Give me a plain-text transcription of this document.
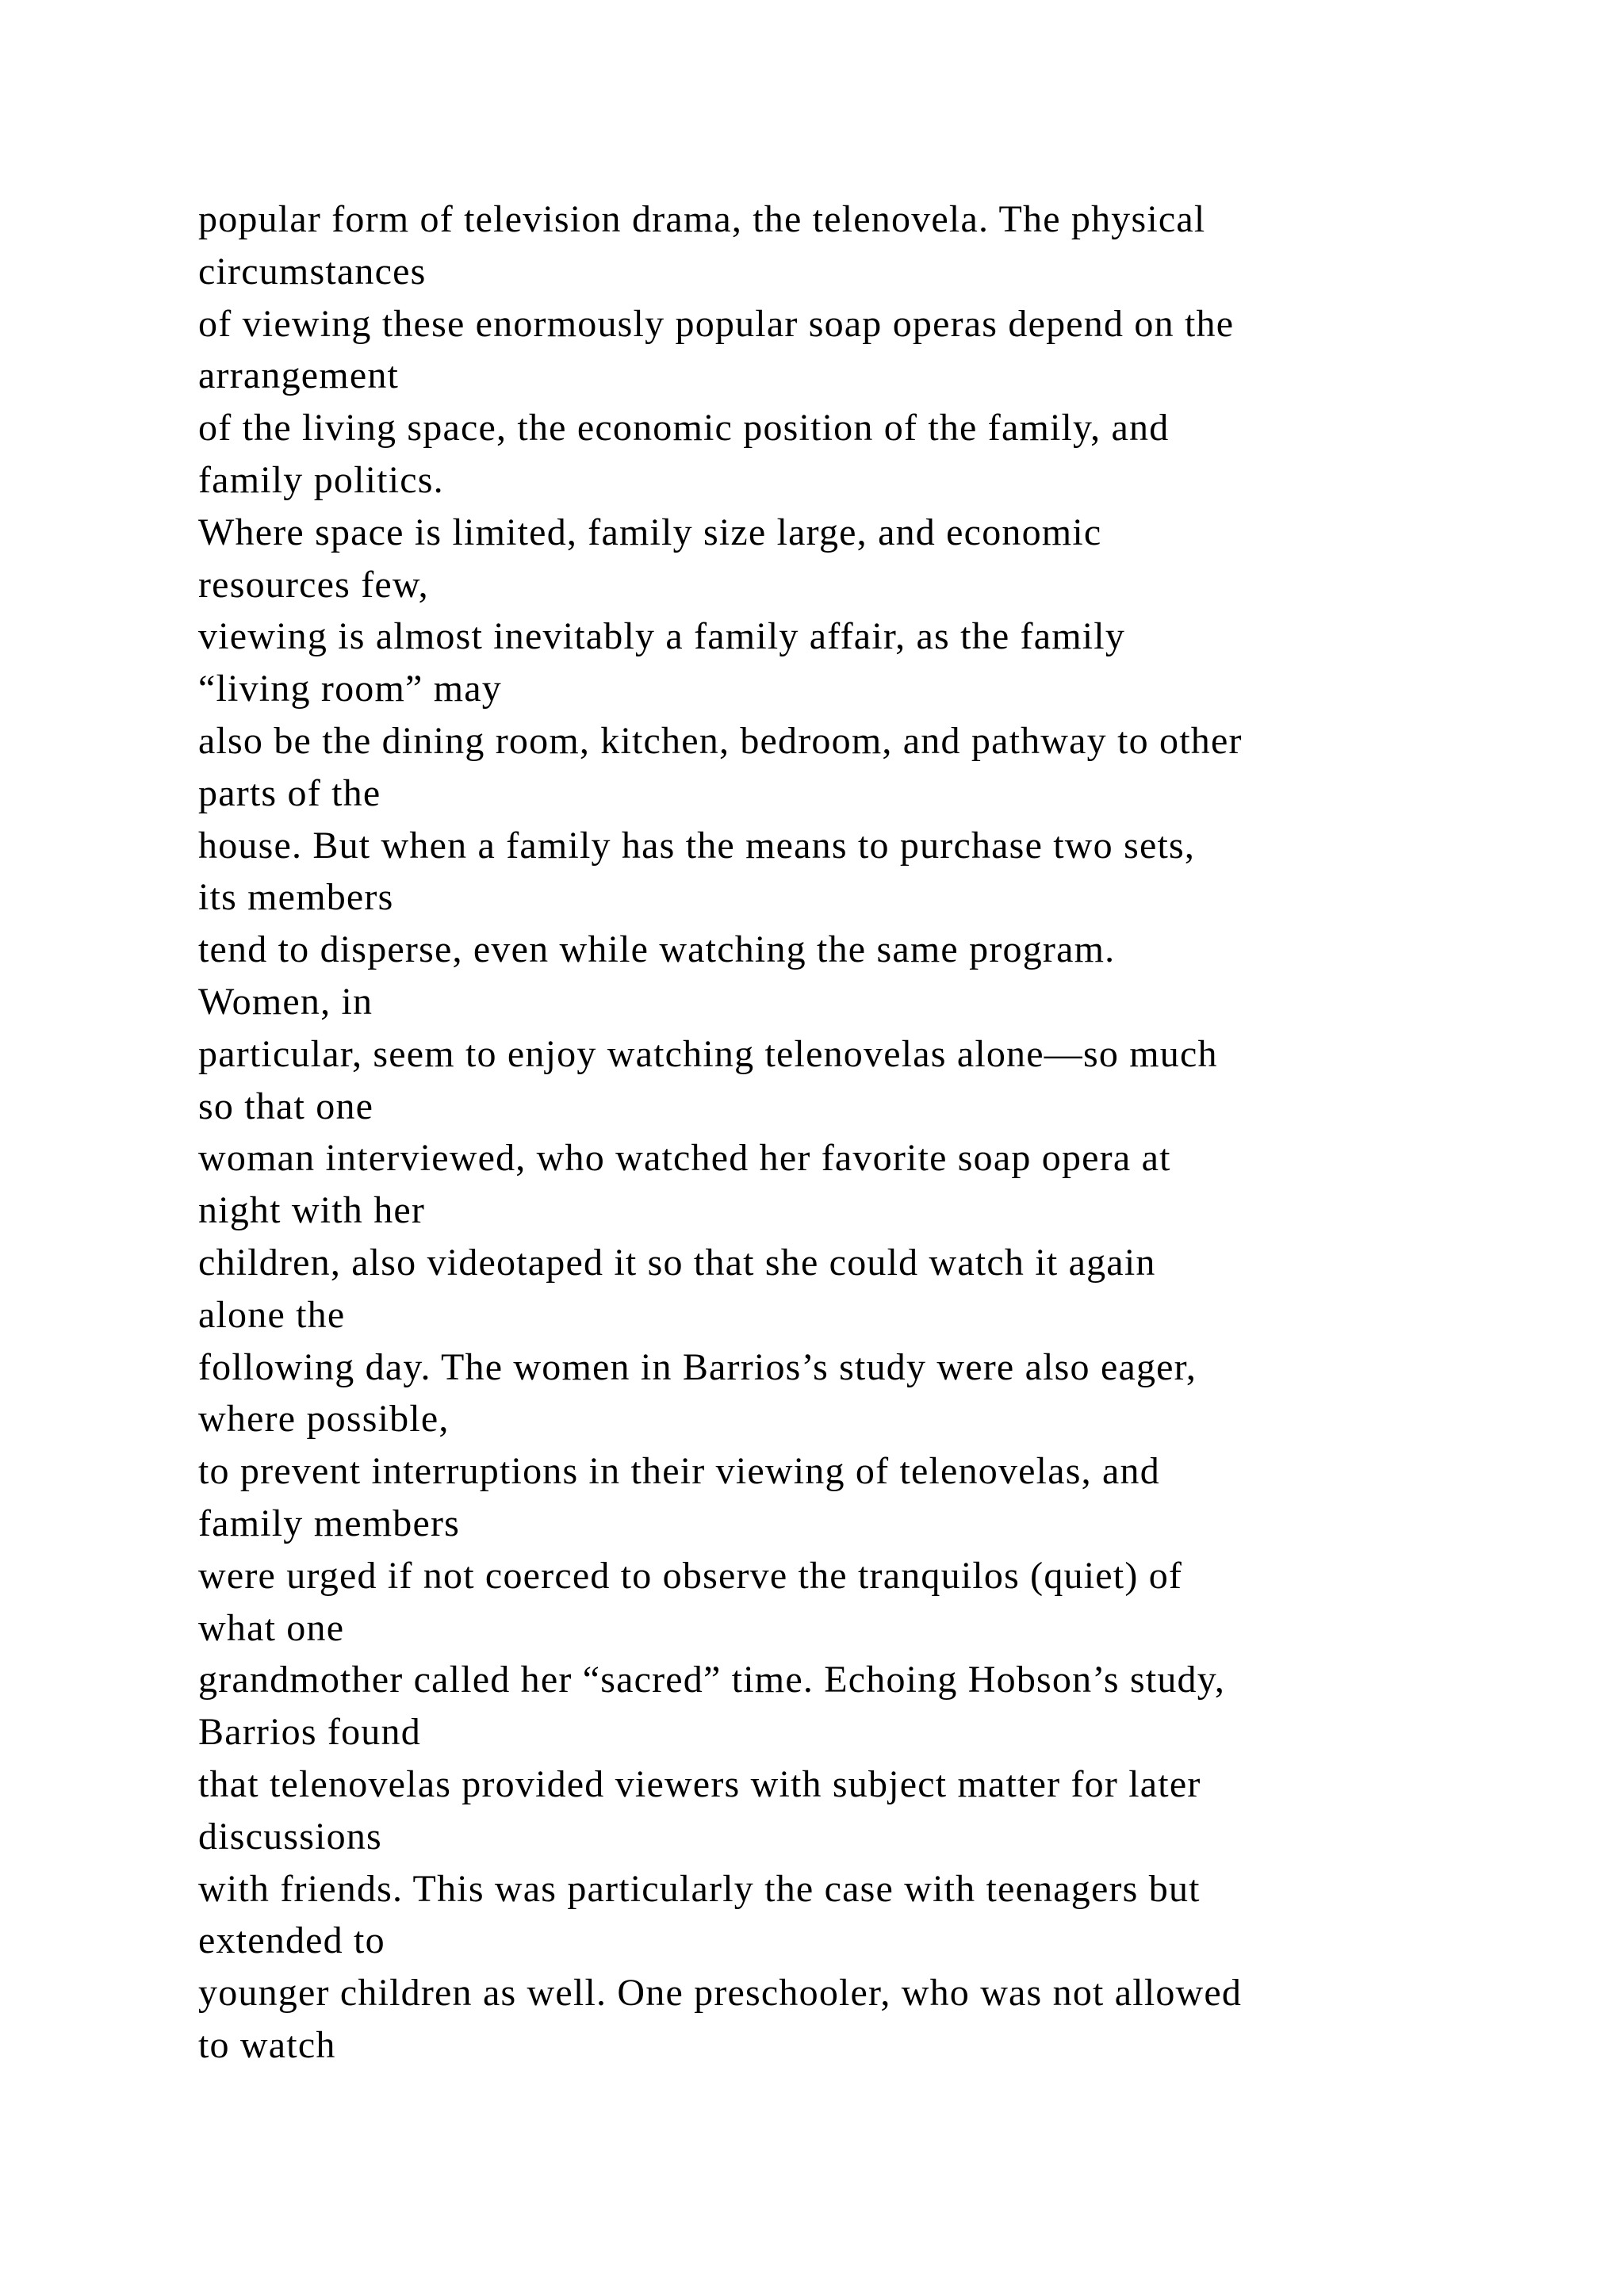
popular form of television drama, the telenovela. The physical
circumstances
of viewing these enormously popular soap operas depend on the
arrangement
of the living space, the economic position of the family, and
family politics.
Where space is limited, family size large, and economic
resources few,
viewing is almost inevitably a family affair, as the family
“living room” may
also be the dining room, kitchen, bedroom, and pathway to other
parts of the
house. But when a family has the means to purchase two sets,
its members
tend to disperse, even while watching the same program.
Women, in
particular, seem to enjoy watching telenovelas alone—so much
so that one
woman interviewed, who watched her favorite soap opera at
night with her
children, also videotaped it so that she could watch it again
alone the
following day. The women in Barrios’s study were also eager,
where possible,
to prevent interruptions in their viewing of telenovelas, and
family members
were urged if not coerced to observe the tranquilos (quiet) of
what one
grandmother called her “sacred” time. Echoing Hobson’s study,
Barrios found
that telenovelas provided viewers with subject matter for later
discussions
with friends. This was particularly the case with teenagers but
extended to
younger children as well. One preschooler, who was not allowed
to watch
